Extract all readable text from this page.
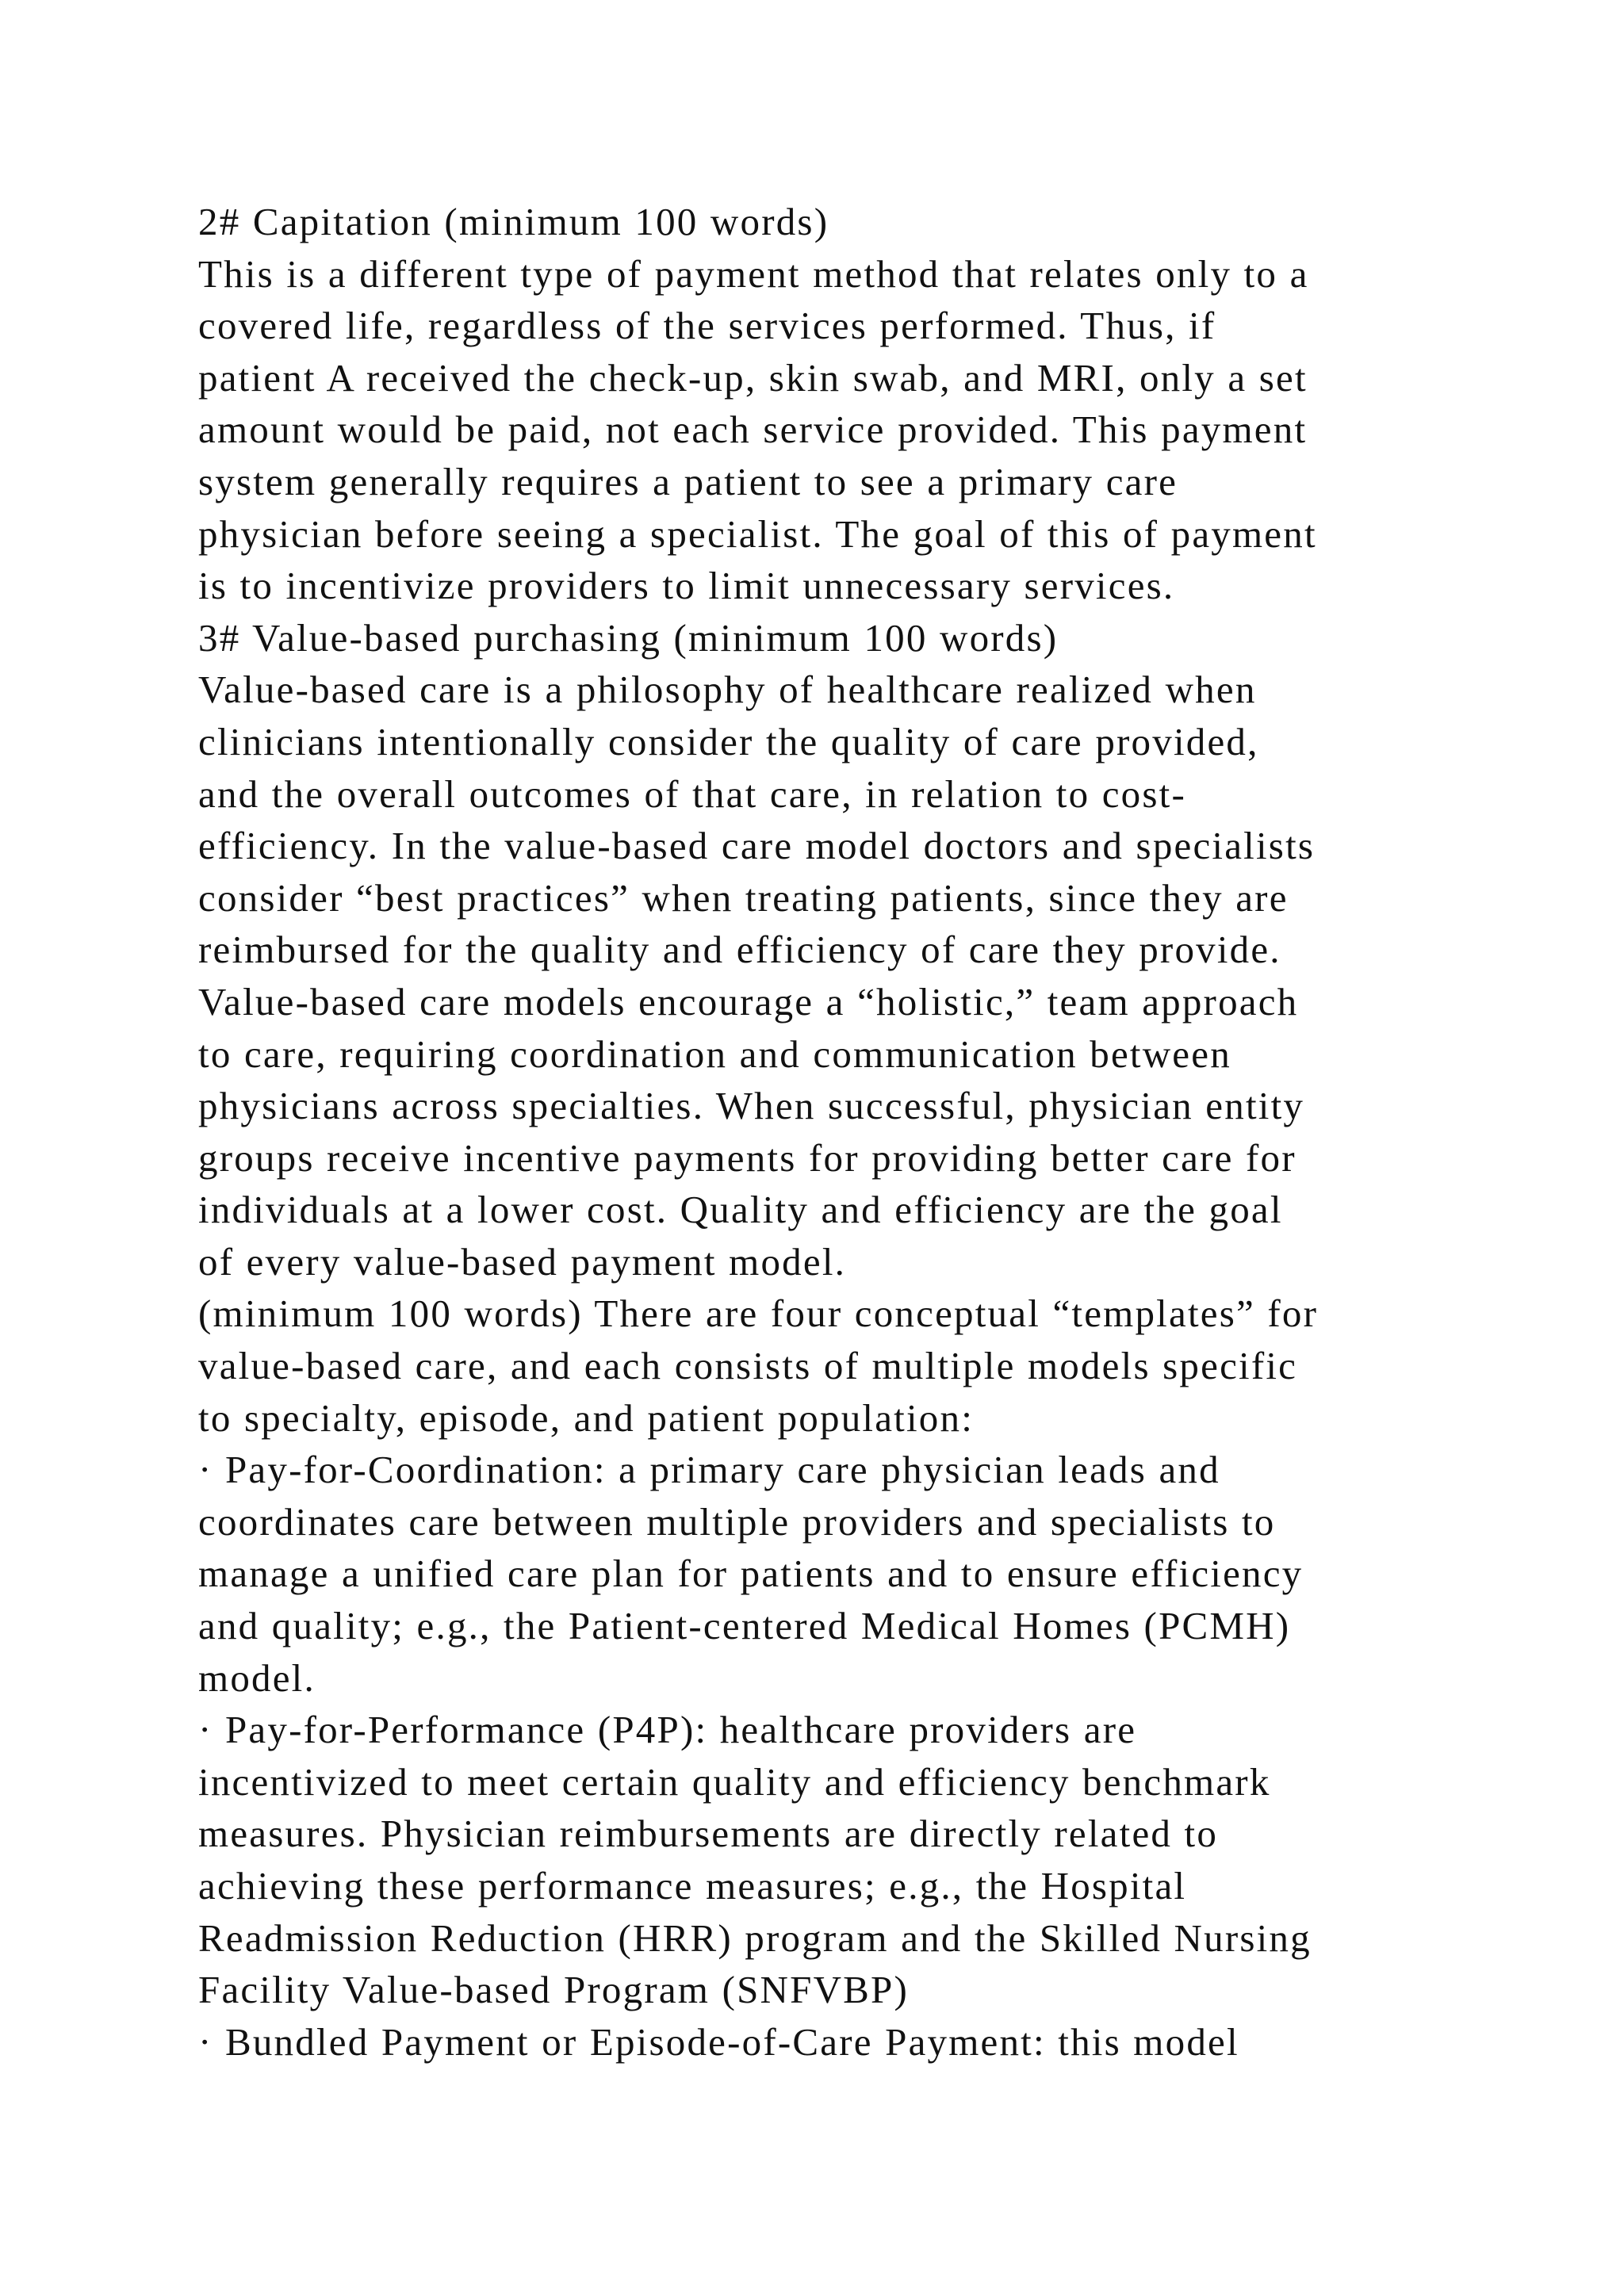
2# Capitation (minimum 100 words)
This is a different type of payment method that relates only to a
covered life, regardless of the services performed. Thus, if
patient A received the check-up, skin swab, and MRI, only a set
amount would be paid, not each service provided. This payment
system generally requires a patient to see a primary care
physician before seeing a specialist. The goal of this of payment
is to incentivize providers to limit unnecessary services.
3# Value-based purchasing (minimum 100 words)
Value-based care is a philosophy of healthcare realized when
clinicians intentionally consider the quality of care provided,
and the overall outcomes of that care, in relation to cost-
efficiency. In the value-based care model doctors and specialists
consider “best practices” when treating patients, since they are
reimbursed for the quality and efficiency of care they provide.
Value-based care models encourage a “holistic,” team approach
to care, requiring coordination and communication between
physicians across specialties. When successful, physician entity
groups receive incentive payments for providing better care for
individuals at a lower cost. Quality and efficiency are the goal
of every value-based payment model.
(minimum 100 words) There are four conceptual “templates” for
value-based care, and each consists of multiple models specific
to specialty, episode, and patient population:
· Pay-for-Coordination: a primary care physician leads and
coordinates care between multiple providers and specialists to
manage a unified care plan for patients and to ensure efficiency
and quality; e.g., the Patient-centered Medical Homes (PCMH)
model.
· Pay-for-Performance (P4P): healthcare providers are
incentivized to meet certain quality and efficiency benchmark
measures. Physician reimbursements are directly related to
achieving these performance measures; e.g., the Hospital
Readmission Reduction (HRR) program and the Skilled Nursing
Facility Value-based Program (SNFVBP)
· Bundled Payment or Episode-of-Care Payment: this model
